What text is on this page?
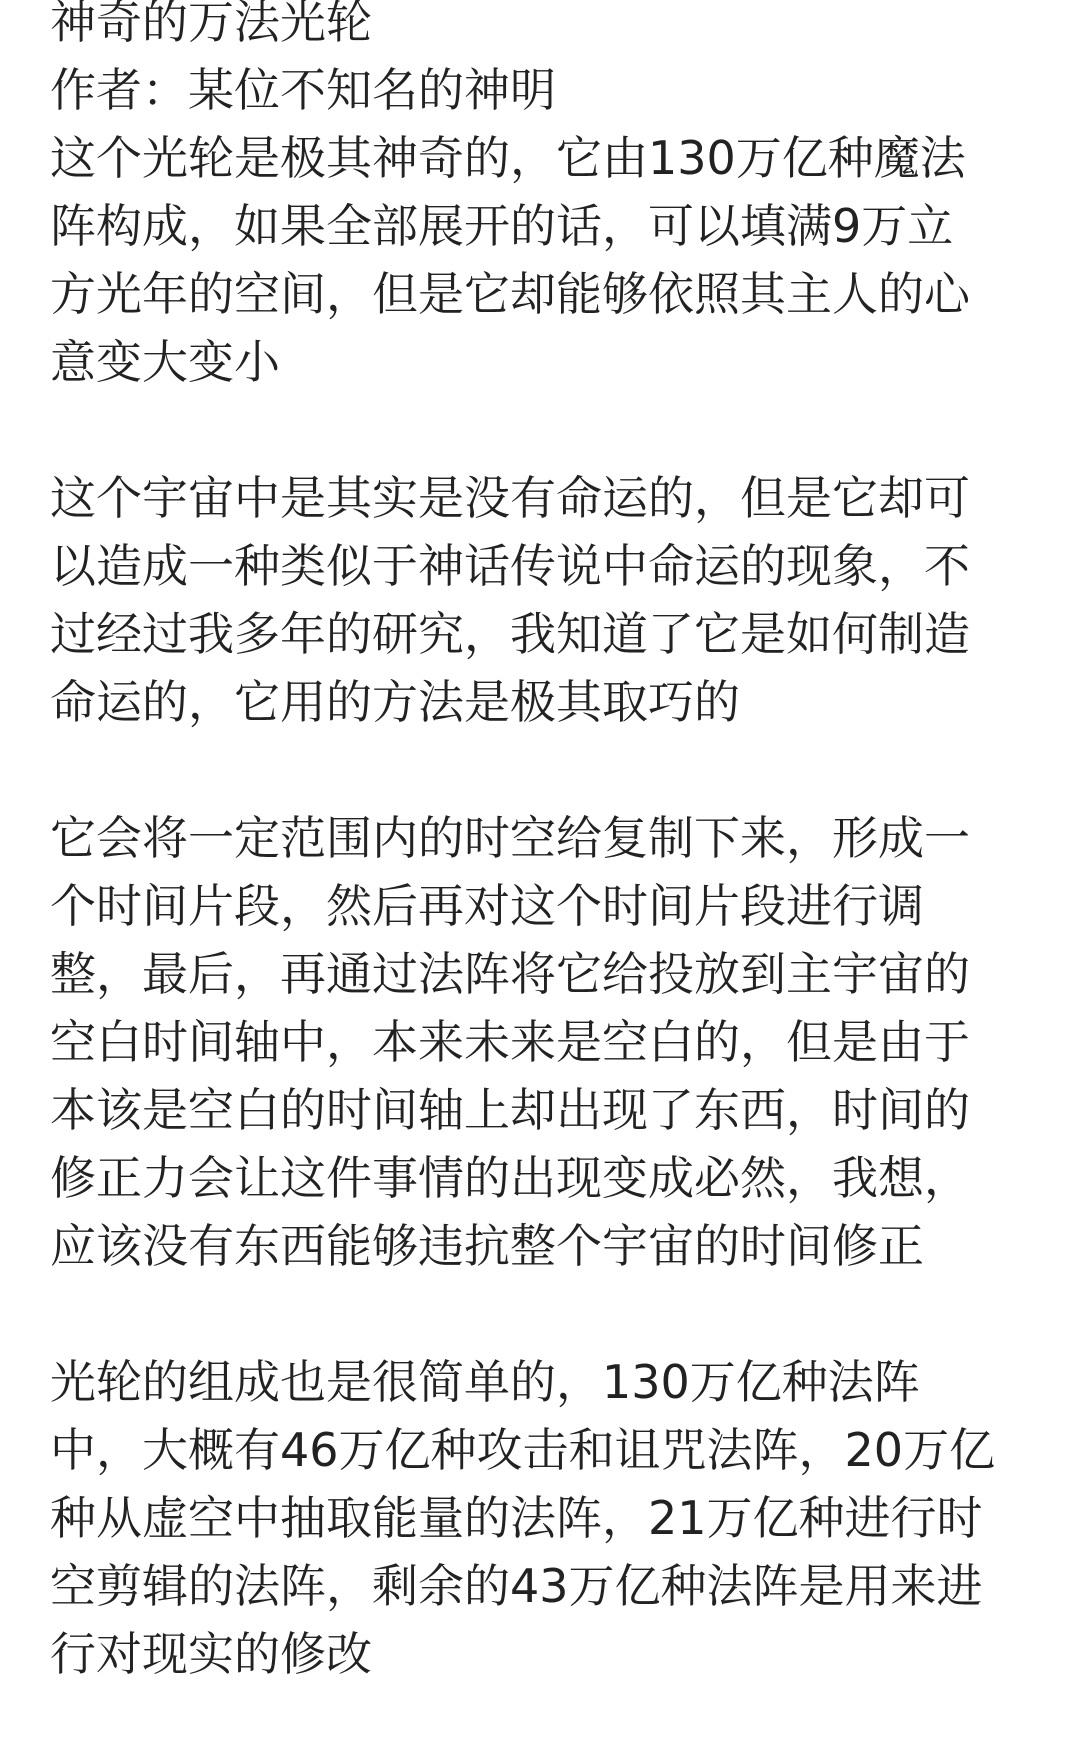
神奇的万法光轮
作者：某位不知名的神明
这个光轮是极其神奇的，它由130万亿种魔法
阵构成，如果全部展开的话，可以填满9万立
方光年的空间，但是它却能够依照其主人的心
意变大变小
这个宇宙中是其实是没有命运的，但是它却可
以造成一种类似于神话传说中命运的现象，不
过经过我多年的研究，我知道了它是如何制造
命运的，它用的方法是极其取巧的
它会将一定范围内的时空给复制下来，形成一
个时间片段，然后再对这个时间片段进行调
整，最后，再通过法阵将它给投放到主宇宙的
空白时间轴中，本来未来是空白的，但是由于
本该是空白的时间轴上却出现了东西，时间的
修正力会让这件事情的出现变成必然，我想，
应该没有东西能够违抗整个宇宙的时间修正
光轮的组成也是很简单的，130万亿种法阵
中，大概有46万亿种攻击和诅咒法阵，20万亿
种从虚空中抽取能量的法阵，21万亿种进行时
空剪辑的法阵，剩余的43万亿种法阵是用来进
行对现实的修改
